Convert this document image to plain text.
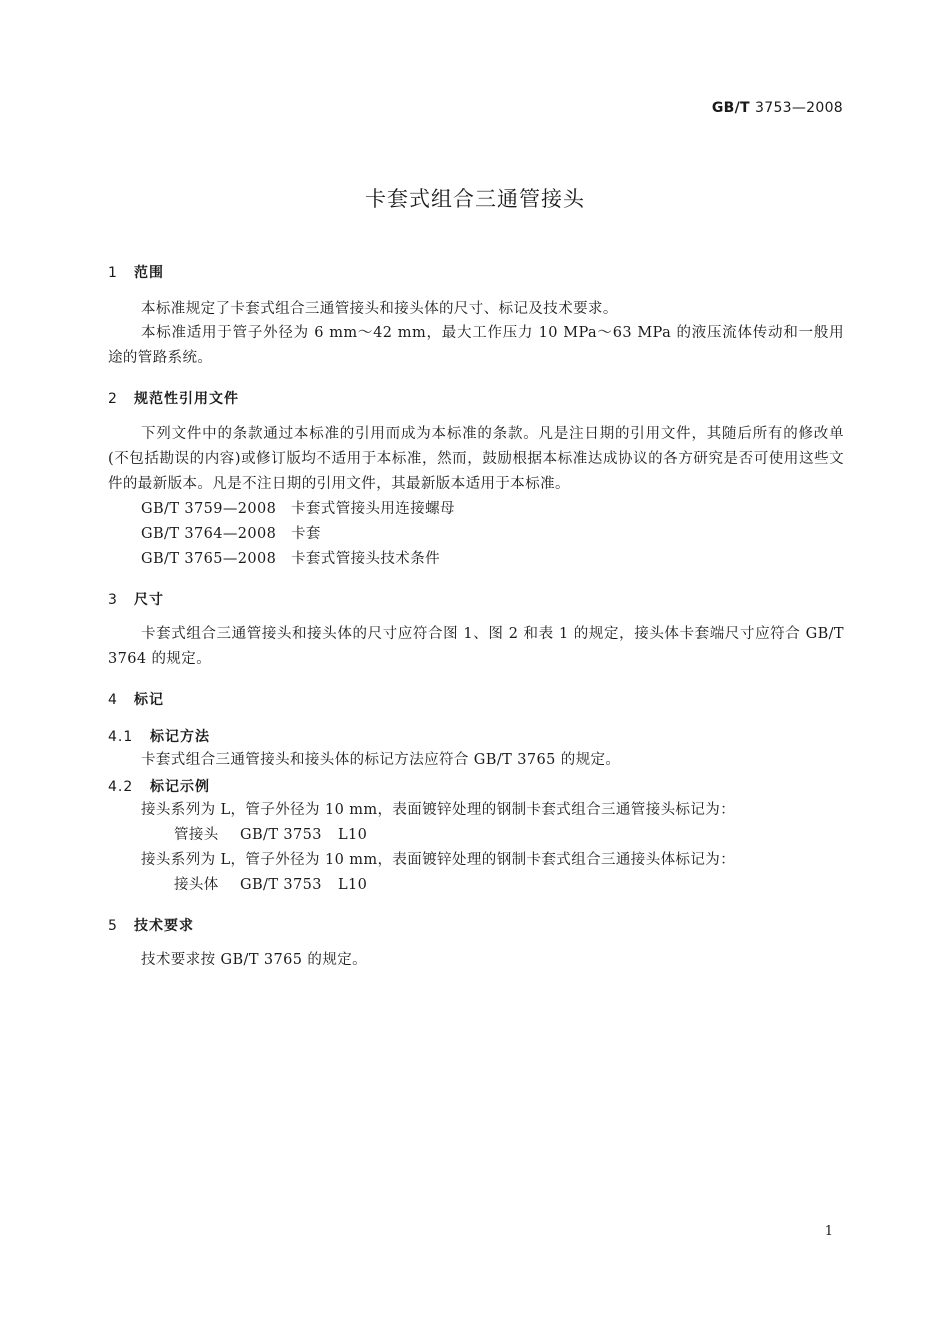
GB/T 3753—2008
卡套式组合三通管接头
1 范围
本标准规定了卡套式组合三通管接头和接头体的尺寸、标记及技术要求。
本标准适用于管子外径为 6 mm～42 mm，最大工作压力 10 MPa～63 MPa 的液压流体传动和一般用途的管路系统。
2 规范性引用文件
下列文件中的条款通过本标准的引用而成为本标准的条款。凡是注日期的引用文件，其随后所有的修改单(不包括勘误的内容)或修订版均不适用于本标准，然而，鼓励根据本标准达成协议的各方研究是否可使用这些文件的最新版本。凡是不注日期的引用文件，其最新版本适用于本标准。
GB/T 3759—2008 卡套式管接头用连接螺母
GB/T 3764—2008 卡套
GB/T 3765—2008 卡套式管接头技术条件
3 尺寸
卡套式组合三通管接头和接头体的尺寸应符合图 1、图 2 和表 1 的规定，接头体卡套端尺寸应符合 GB/T 3764 的规定。
4 标记
4.1 标记方法
卡套式组合三通管接头和接头体的标记方法应符合 GB/T 3765 的规定。
4.2 标记示例
接头系列为 L，管子外径为 10 mm，表面镀锌处理的钢制卡套式组合三通管接头标记为：
管接头 GB/T 3753 L10
接头系列为 L，管子外径为 10 mm，表面镀锌处理的钢制卡套式组合三通接头体标记为：
接头体 GB/T 3753 L10
5 技术要求
技术要求按 GB/T 3765 的规定。
1
